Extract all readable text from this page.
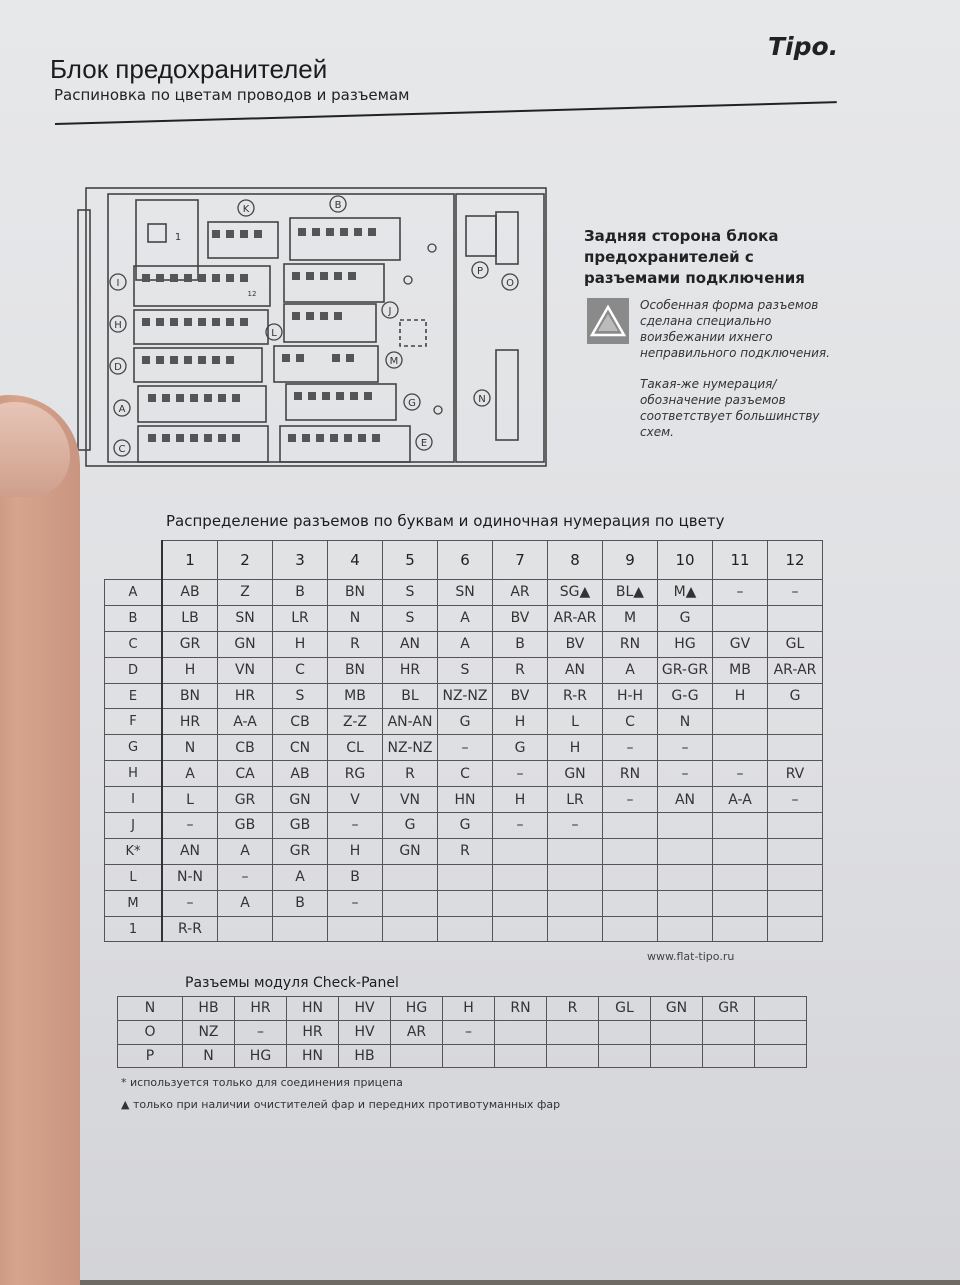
Tipo.
Блок предохранителей
Распиновка по цветам проводов и разъемам
K	B
I
J
H
L
D
M
A
G
C
E
P
O
N
1
12
Задняя сторона блока предохранителей с разъемами подключения
Особенная форма разъемов сделана специально воизбежании ихнего неправильного подключения.
Такая-же нумерация/обозначение разъемов соответствует большинству схем.
Распределение разъемов по буквам и одиночная нумерация по цвету
	1	2	3	4	5	6	7	8	9	10	11	12
A	AB	Z	B	BN	S	SN	AR	SG▲	BL▲	M▲	–	–
B	LB	SN	LR	N	S	A	BV	AR-AR	M	G		
C	GR	GN	H	R	AN	A	B	BV	RN	HG	GV	GL
D	H	VN	C	BN	HR	S	R	AN	A	GR-GR	MB	AR-AR
E	BN	HR	S	MB	BL	NZ-NZ	BV	R-R	H-H	G-G	H	G
F	HR	A-A	CB	Z-Z	AN-AN	G	H	L	C	N		
G	N	CB	CN	CL	NZ-NZ	–	G	H	–	–		
H	A	CA	AB	RG	R	C	–	GN	RN	–	–	RV
I	L	GR	GN	V	VN	HN	H	LR	–	AN	A-A	–
J	–	GB	GB	–	G	G	–	–				
K*	AN	A	GR	H	GN	R						
L	N-N	–	A	B								
M	–	A	B	–								
1	R-R											
www.flat-tipo.ru
Разъемы модуля Check-Panel
N	HB	HR	HN	HV	HG	H	RN	R	GL	GN	GR	
O	NZ	–	HR	HV	AR	–						
P	N	HG	HN	HB								
* используется только для соединения прицепа
▲ только при наличии очистителей фар и передних противотуманных фар
